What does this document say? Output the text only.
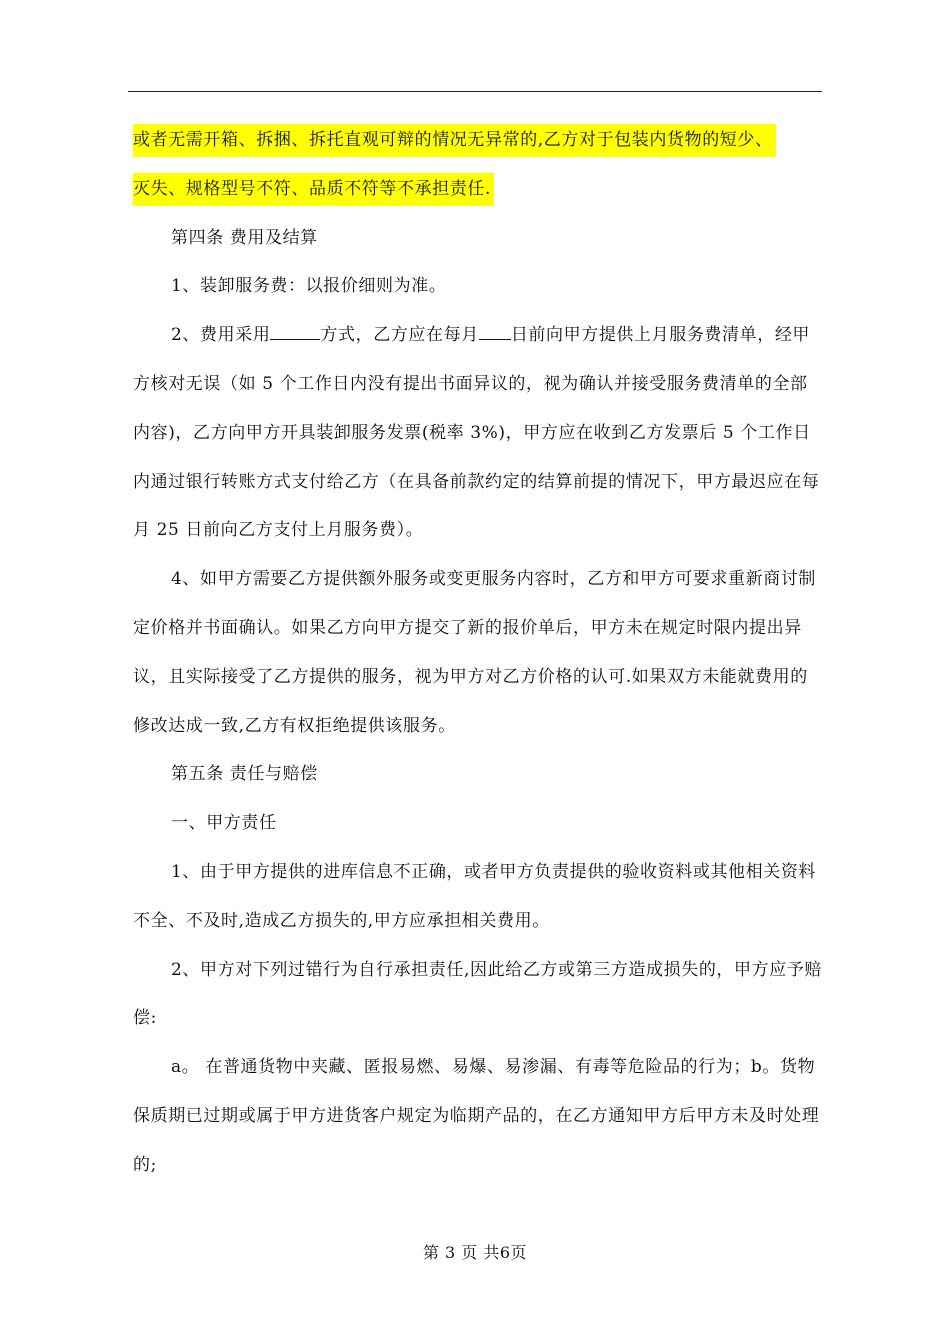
或者无需开箱、拆捆、拆托直观可辩的情况无异常的,乙方对于包装内货物的短少、
灭失、规格型号不符、品质不符等不承担责任.

第四条 费用及结算

1、装卸服务费：以报价细则为准。

2、费用采用	方式，乙方应在每月 日前向甲方提供上月服务费清单，经甲方核对无误（如 5 个工作日内没有提出书面异议的，视为确认并接受服务费清单的全部内容)，乙方向甲方开具装卸服务发票(税率 3%)，甲方应在收到乙方发票后 5 个工作日内通过银行转账方式支付给乙方（在具备前款约定的结算前提的情况下，甲方最迟应在每月 25 日前向乙方支付上月服务费）。

4、如甲方需要乙方提供额外服务或变更服务内容时，乙方和甲方可要求重新商讨制定价格并书面确认。如果乙方向甲方提交了新的报价单后，甲方未在规定时限内提出异议，且实际接受了乙方提供的服务，视为甲方对乙方价格的认可.如果双方未能就费用的修改达成一致,乙方有权拒绝提供该服务。

第五条 责任与赔偿

一、甲方责任

1、由于甲方提供的进库信息不正确，或者甲方负责提供的验收资料或其他相关资料不全、不及时,造成乙方损失的,甲方应承担相关费用。

2、甲方对下列过错行为自行承担责任,因此给乙方或第三方造成损失的，甲方应予赔偿:

a。 在普通货物中夹藏、匿报易燃、易爆、易渗漏、有毒等危险品的行为；b。货物保质期已过期或属于甲方进货客户规定为临期产品的，在乙方通知甲方后甲方未及时处理的;

第 3 页 共6页
